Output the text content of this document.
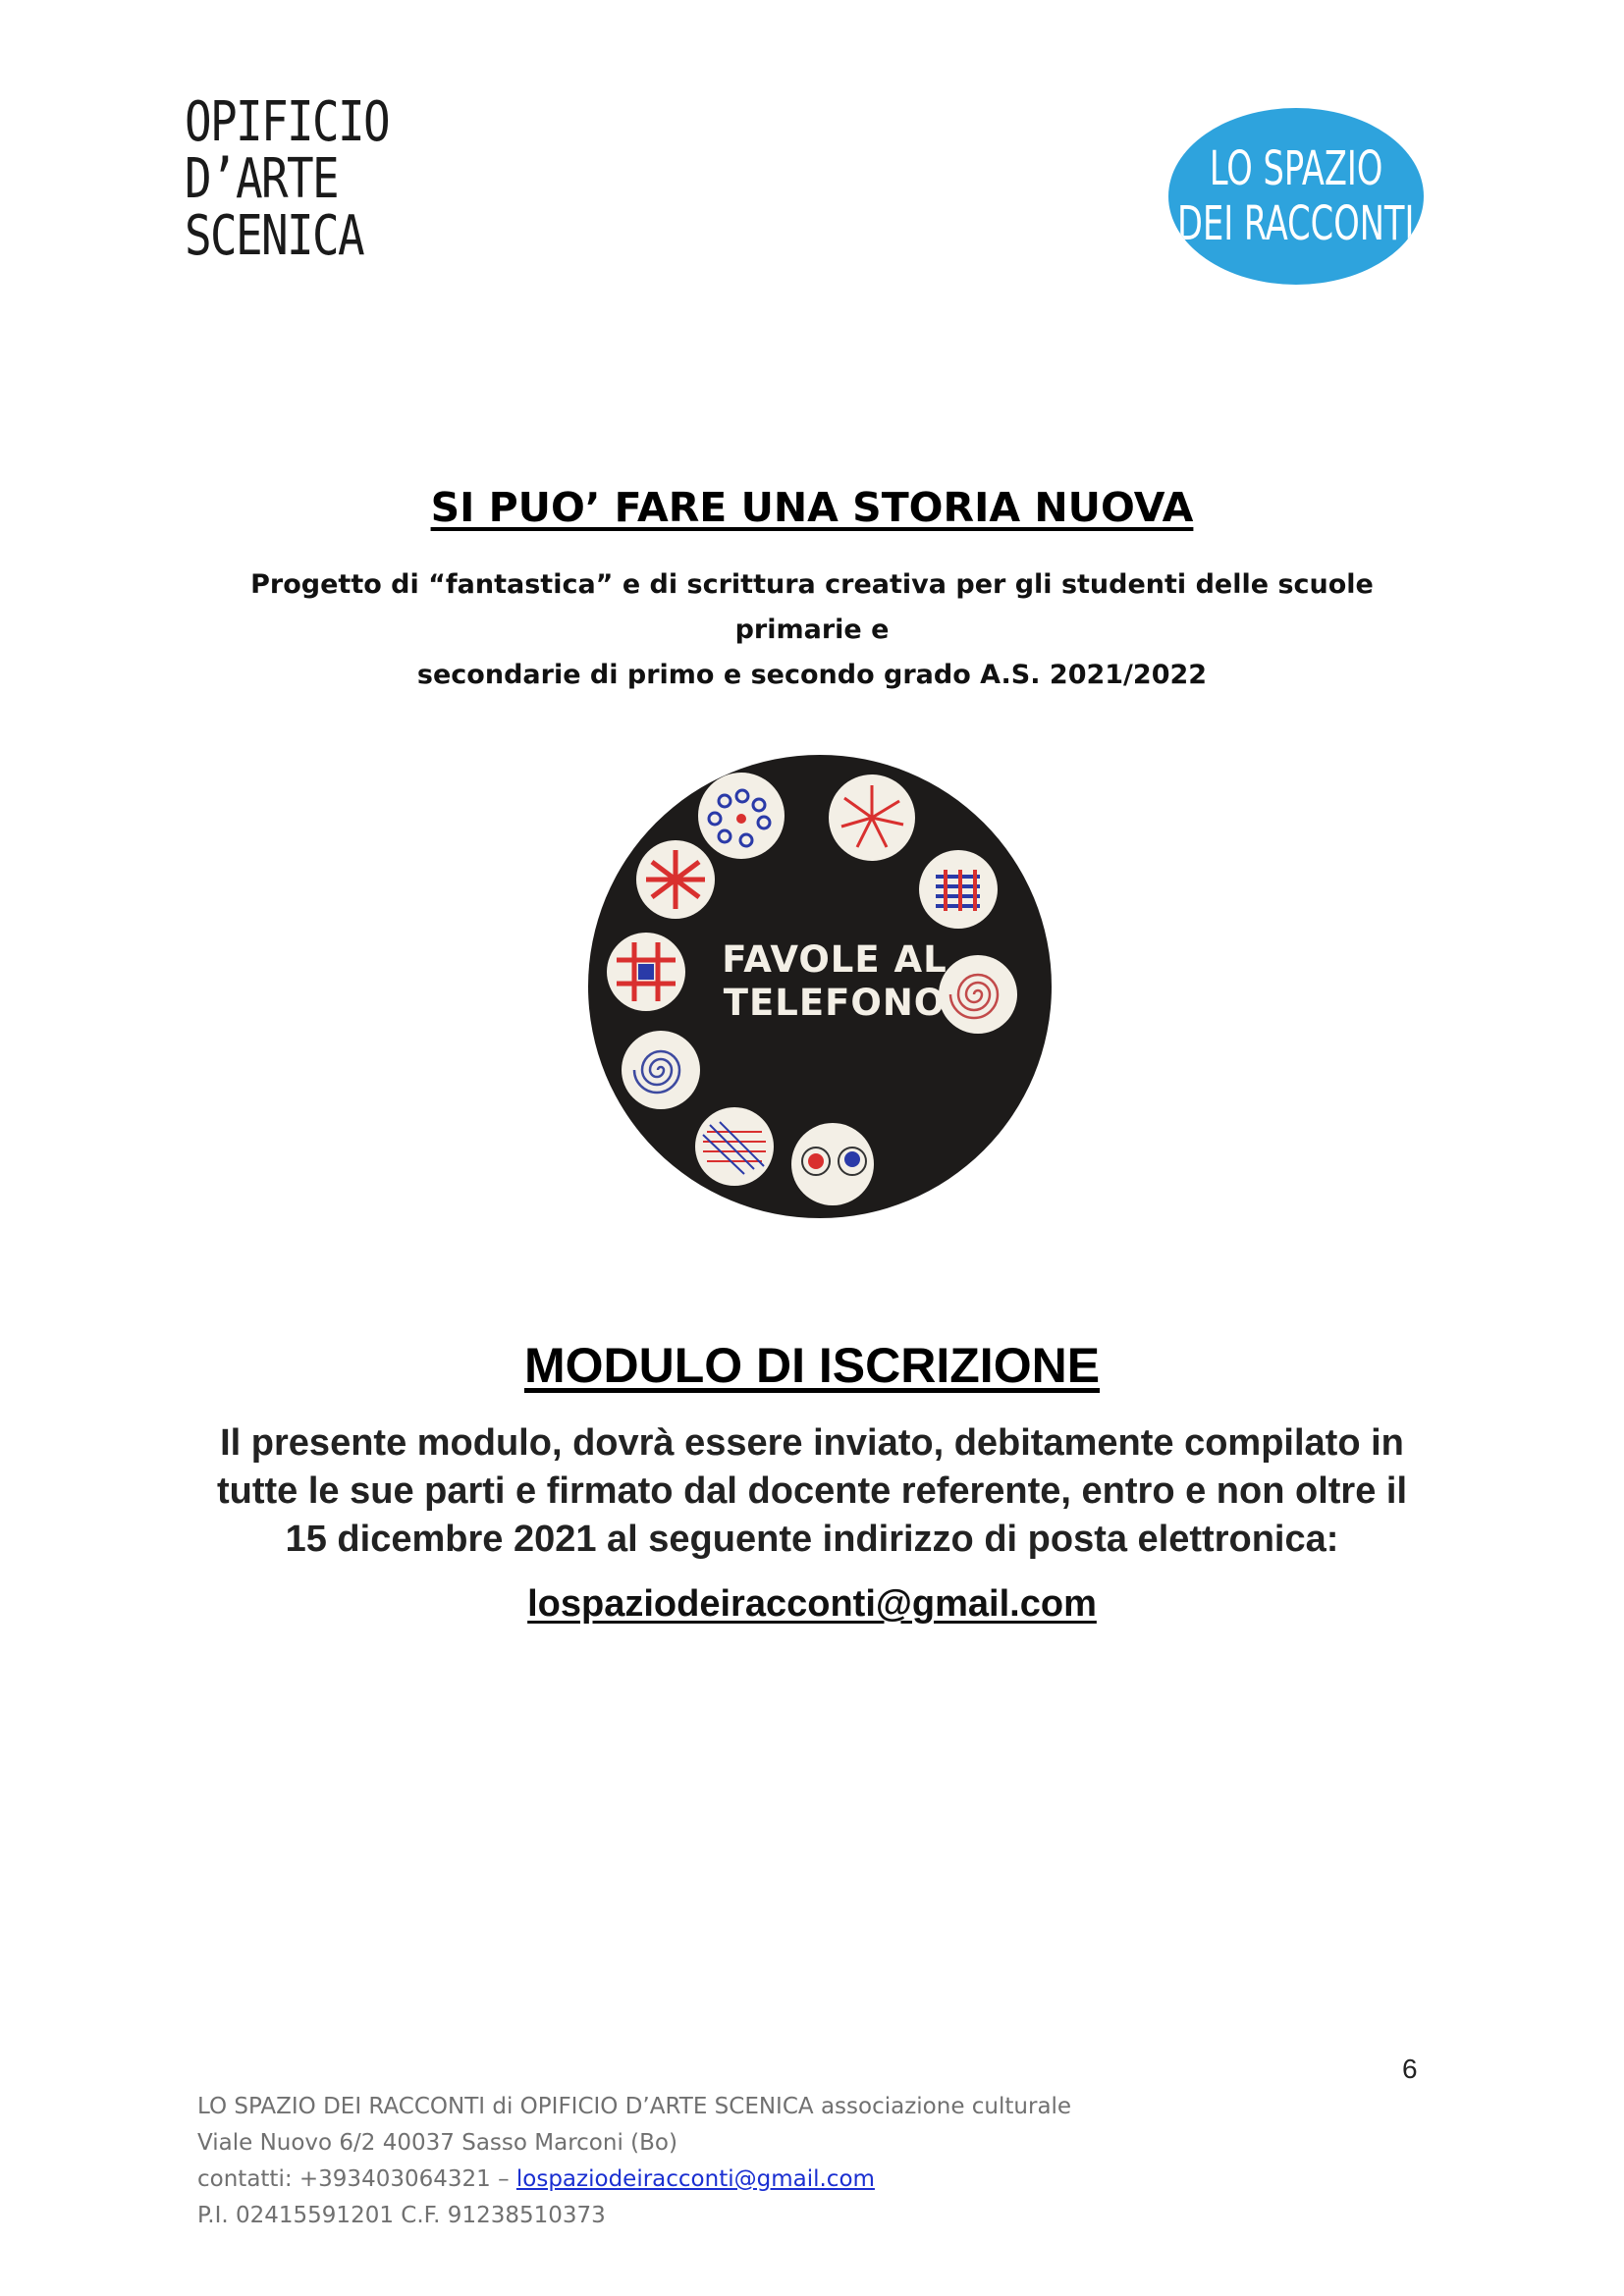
OPIFICIO
D’ARTE
SCENICA
LO SPAZIO
DEI RACCONTI
SI PUO’ FARE UNA STORIA NUOVA
Progetto di “fantastica” e di scrittura creativa per gli studenti delle scuole primarie e
secondarie di primo e secondo grado A.S. 2021/2022
FAVOLE AL
TELEFONO
MODULO DI ISCRIZIONE
Il presente modulo, dovrà essere inviato, debitamente compilato in
tutte le sue parti e firmato dal docente referente, entro e non oltre il
15 dicembre 2021 al seguente indirizzo di posta elettronica:
lospaziodeiracconti@gmail.com
6
LO SPAZIO DEI RACCONTI di OPIFICIO D’ARTE SCENICA associazione culturale
Viale Nuovo 6/2 40037 Sasso Marconi (Bo)
contatti: +393403064321 – lospaziodeiracconti@gmail.com
P.I. 02415591201 C.F. 91238510373
